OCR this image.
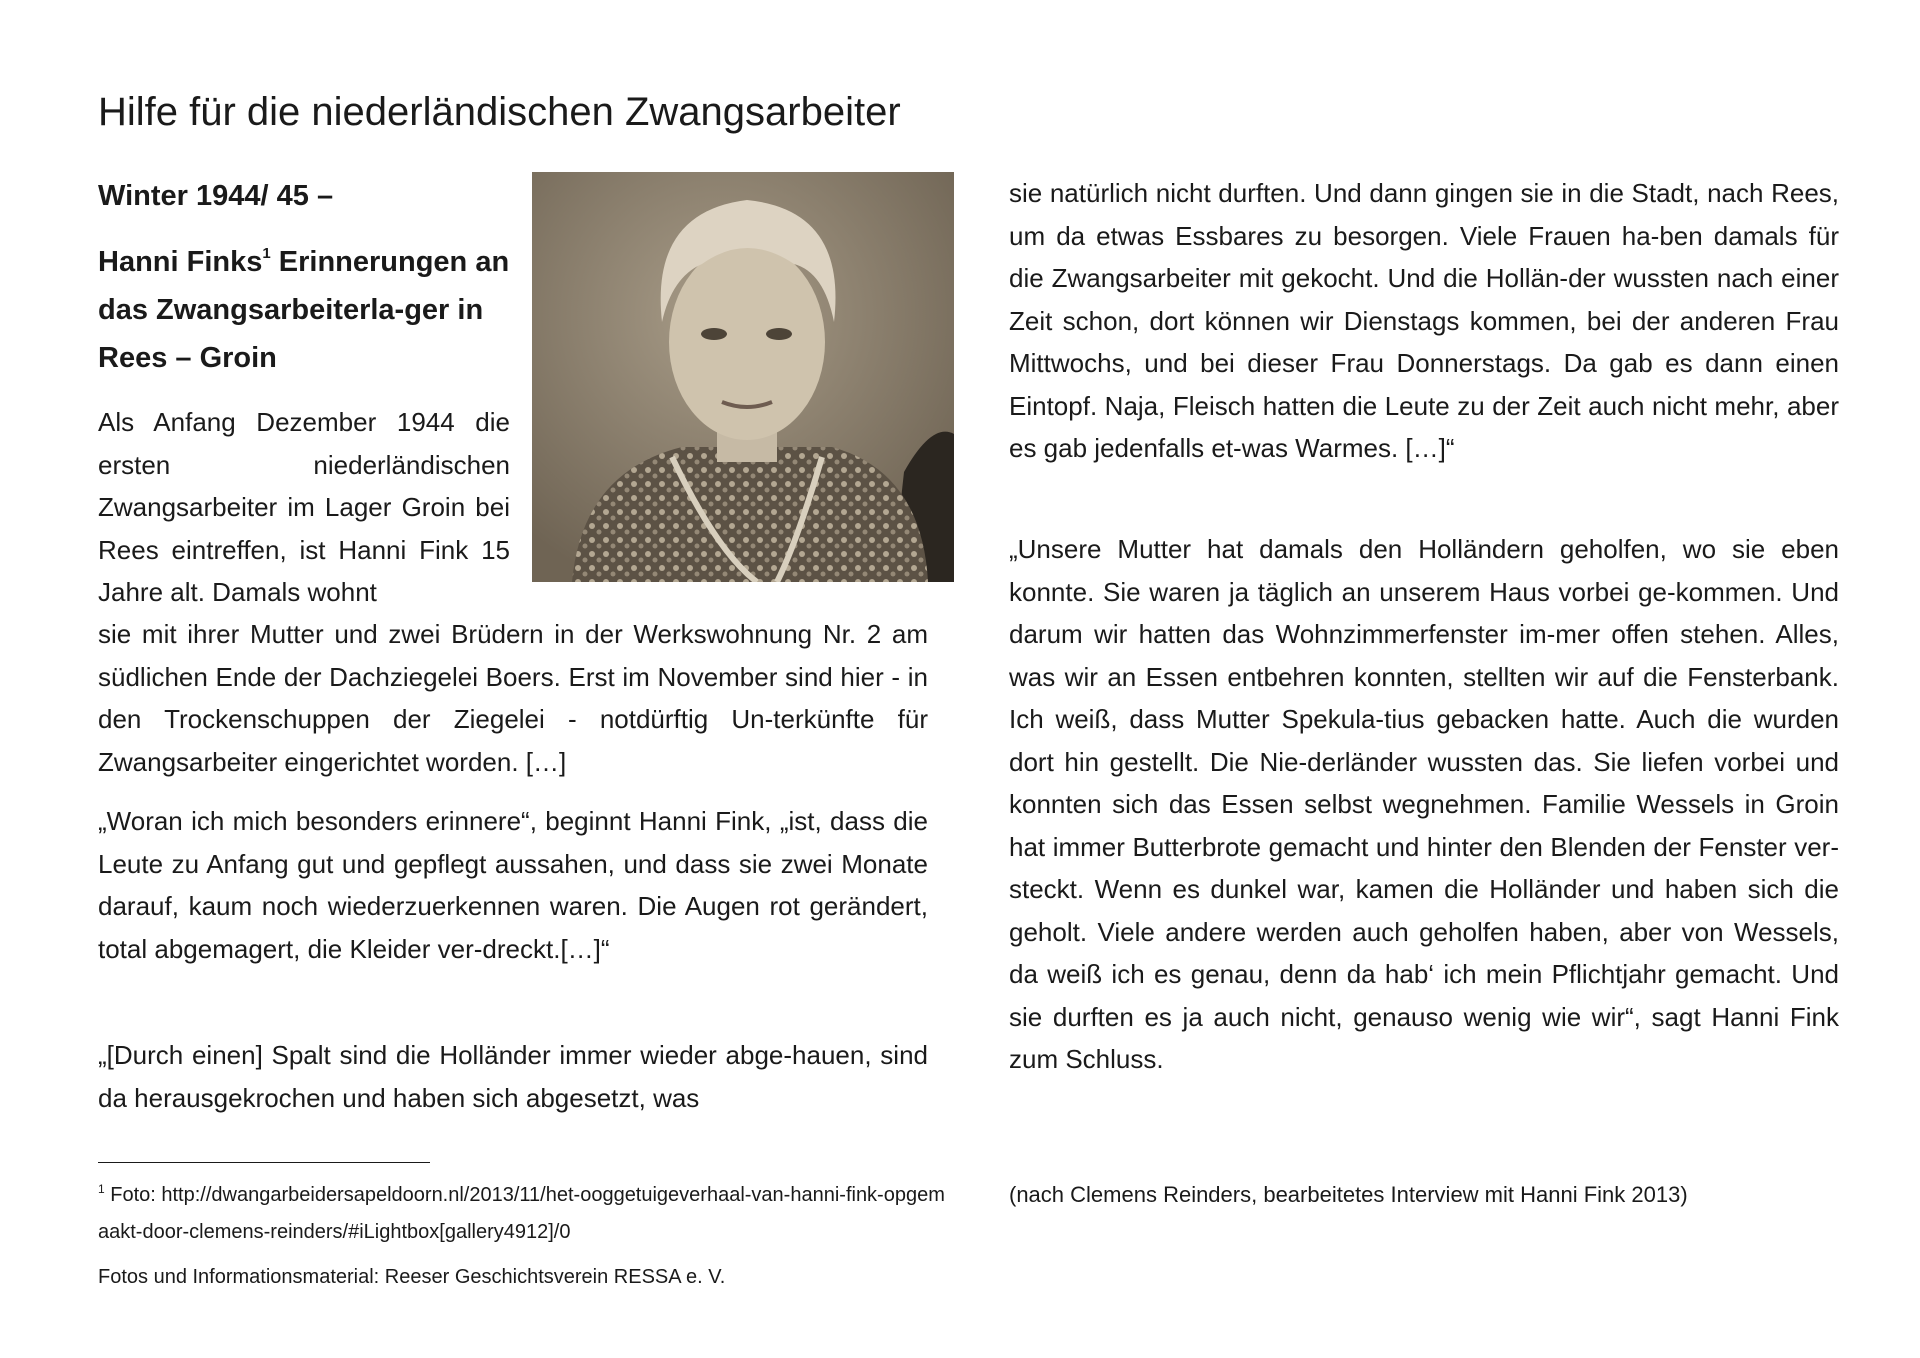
Hilfe für die niederländischen Zwangsarbeiter
Winter 1944/ 45 –
Hanni Finks$^1$ Erinnerungen an das Zwangsarbeiterla-ger in Rees – Groin

Als Anfang Dezember 1944 die ersten niederländischen Zwangsarbeiter im Lager Groin bei Rees eintreffen, ist Hanni Fink 15 Jahre alt. Damals wohnt

sie mit ihrer Mutter und zwei Brüdern in der Werkswohnung Nr. 2 am südlichen Ende der Dachziegelei Boers. Erst im November sind hier - in den Trockenschuppen der Ziegelei - notdürftig Un-terkünfte für Zwangsarbeiter eingerichtet worden. […]

„Woran ich mich besonders erinnere“, beginnt Hanni Fink, „ist, dass die Leute zu Anfang gut und gepflegt aussahen, und dass sie zwei Monate darauf, kaum noch wiederzuerkennen waren. Die Augen rot gerändert, total abgemagert, die Kleider ver-dreckt.[…]“

„[Durch einen] Spalt sind die Holländer immer wieder abge-hauen, sind da herausgekrochen und haben sich abgesetzt, was

sie natürlich nicht durften. Und dann gingen sie in die Stadt, nach Rees, um da etwas Essbares zu besorgen. Viele Frauen ha-ben damals für die Zwangsarbeiter mit gekocht. Und die Hollän-der wussten nach einer Zeit schon, dort können wir Dienstags kommen, bei der anderen Frau Mittwochs, und bei dieser Frau Donnerstags. Da gab es dann einen Eintopf. Naja, Fleisch hatten die Leute zu der Zeit auch nicht mehr, aber es gab jedenfalls et-was Warmes. […]“

„Unsere Mutter hat damals den Holländern geholfen, wo sie eben konnte. Sie waren ja täglich an unserem Haus vorbei ge-kommen. Und darum wir hatten das Wohnzimmerfenster im-mer offen stehen. Alles, was wir an Essen entbehren konnten, stellten wir auf die Fensterbank. Ich weiß, dass Mutter Spekula-tius gebacken hatte. Auch die wurden dort hin gestellt. Die Nie-derländer wussten das. Sie liefen vorbei und konnten sich das Essen selbst wegnehmen. Familie Wessels in Groin hat immer Butterbrote gemacht und hinter den Blenden der Fenster ver-steckt. Wenn es dunkel war, kamen die Holländer und haben sich die geholt. Viele andere werden auch geholfen haben, aber von Wessels, da weiß ich es genau, denn da hab‘ ich mein Pflichtjahr gemacht. Und sie durften es ja auch nicht, genauso wenig wie wir“, sagt Hanni Fink zum Schluss.

(nach Clemens Reinders, bearbeitetes Interview mit Hanni Fink 2013)

$^1$ Foto: http://dwangarbeidersapeldoorn.nl/2013/11/het-ooggetuigeverhaal-van-hanni-fink-opgemaakt-door-clemens-reinders/#iLightbox[gallery4912]/0

Fotos und Informationsmaterial: Reeser Geschichtsverein RESSA e. V.
